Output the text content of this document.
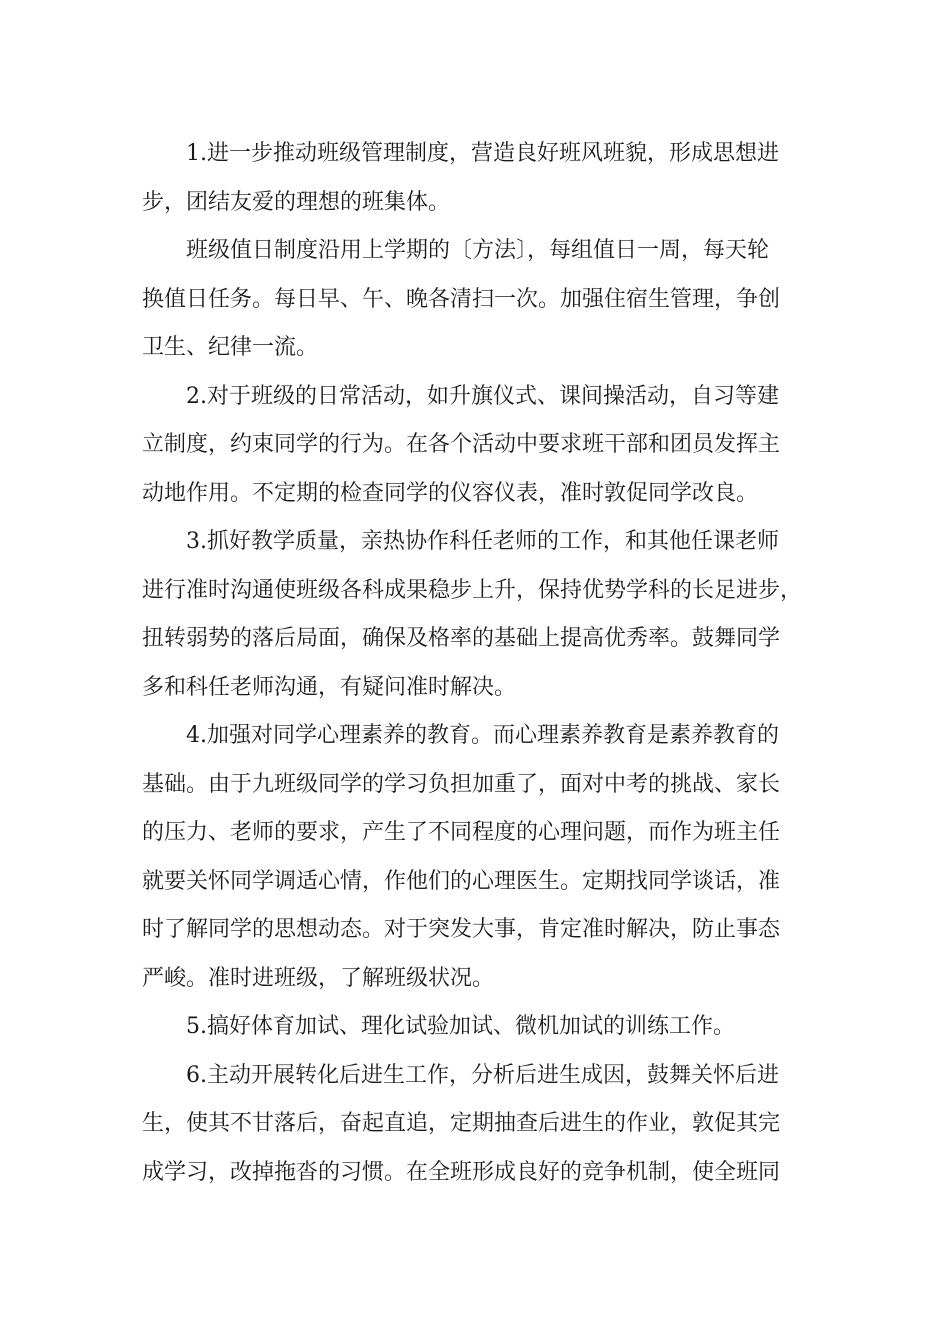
1.进一步推动班级管理制度，营造良好班风班貌，形成思想进
步，团结友爱的理想的班集体。

班级值日制度沿用上学期的〔方法〕，每组值日一周，每天轮
换值日任务。每日早、午、晚各清扫一次。加强住宿生管理，争创
卫生、纪律一流。

2.对于班级的日常活动，如升旗仪式、课间操活动，自习等建
立制度，约束同学的行为。在各个活动中要求班干部和团员发挥主
动地作用。不定期的检查同学的仪容仪表，准时敦促同学改良。

3.抓好教学质量，亲热协作科任老师的工作，和其他任课老师
进行准时沟通使班级各科成果稳步上升，保持优势学科的长足进步，
扭转弱势的落后局面，确保及格率的基础上提高优秀率。鼓舞同学
多和科任老师沟通，有疑问准时解决。

4.加强对同学心理素养的教育。而心理素养教育是素养教育的
基础。由于九班级同学的学习负担加重了，面对中考的挑战、家长
的压力、老师的要求，产生了不同程度的心理问题，而作为班主任
就要关怀同学调适心情，作他们的心理医生。定期找同学谈话，准
时了解同学的思想动态。对于突发大事，肯定准时解决，防止事态
严峻。准时进班级，了解班级状况。

5.搞好体育加试、理化试验加试、微机加试的训练工作。

6.主动开展转化后进生工作，分析后进生成因，鼓舞关怀后进
生，使其不甘落后，奋起直追，定期抽查后进生的作业，敦促其完
成学习，改掉拖沓的习惯。在全班形成良好的竞争机制，使全班同
